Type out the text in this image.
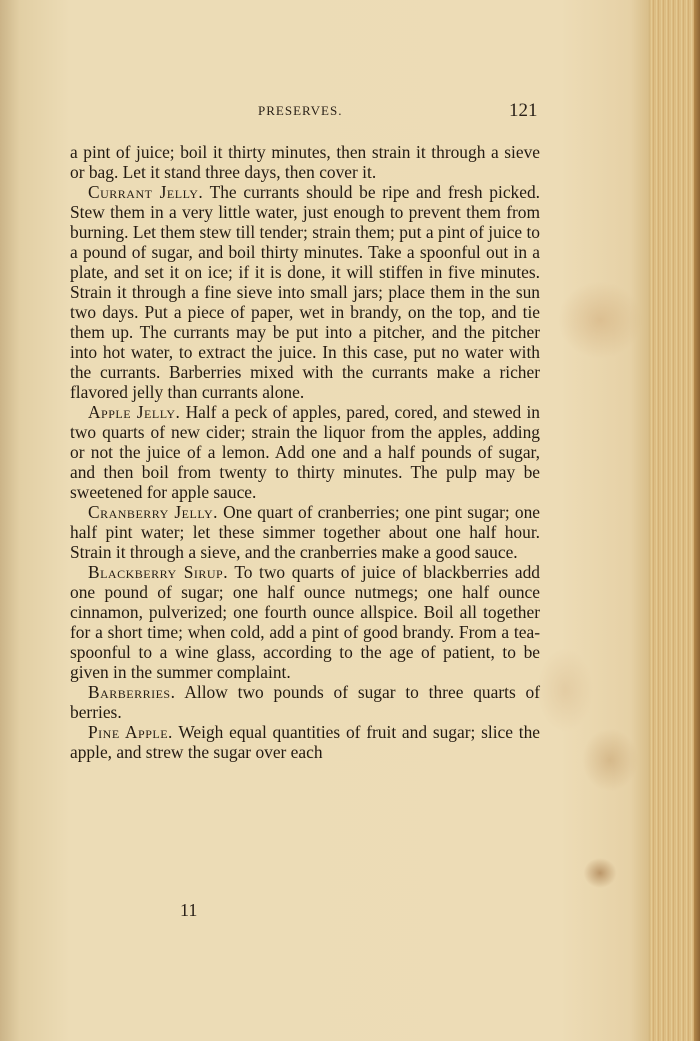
PRESERVES.	121

a pint of juice; boil it thirty minutes, then strain it through a sieve or bag. Let it stand three days, then cover it.

Currant Jelly. The currants should be ripe and fresh picked. Stew them in a very little water, just enough to prevent them from burning. Let them stew till tender; strain them; put a pint of juice to a pound of sugar, and boil thirty minutes. Take a spoonful out in a plate, and set it on ice; if it is done, it will stiffen in five minutes. Strain it through a fine sieve into small jars; place them in the sun two days. Put a piece of paper, wet in brandy, on the top, and tie them up. The currants may be put into a pitcher, and the pitcher into hot water, to extract the juice. In this case, put no water with the currants. Barberries mixed with the currants make a richer flavored jelly than currants alone.

Apple Jelly. Half a peck of apples, pared, cored, and stewed in two quarts of new cider; strain the liquor from the apples, adding or not the juice of a lemon. Add one and a half pounds of sugar, and then boil from twenty to thirty minutes. The pulp may be sweetened for apple sauce.

Cranberry Jelly. One quart of cranberries; one pint sugar; one half pint water; let these simmer together about one half hour. Strain it through a sieve, and the cranberries make a good sauce.

Blackberry Sirup. To two quarts of juice of blackberries add one pound of sugar; one half ounce nutmegs; one half ounce cinnamon, pulverized; one fourth ounce allspice. Boil all together for a short time; when cold, add a pint of good brandy. From a tea-spoonful to a wine glass, according to the age of patient, to be given in the summer complaint.

Barberries. Allow two pounds of sugar to three quarts of berries.

Pine Apple. Weigh equal quantities of fruit and sugar; slice the apple, and strew the sugar over each

11
